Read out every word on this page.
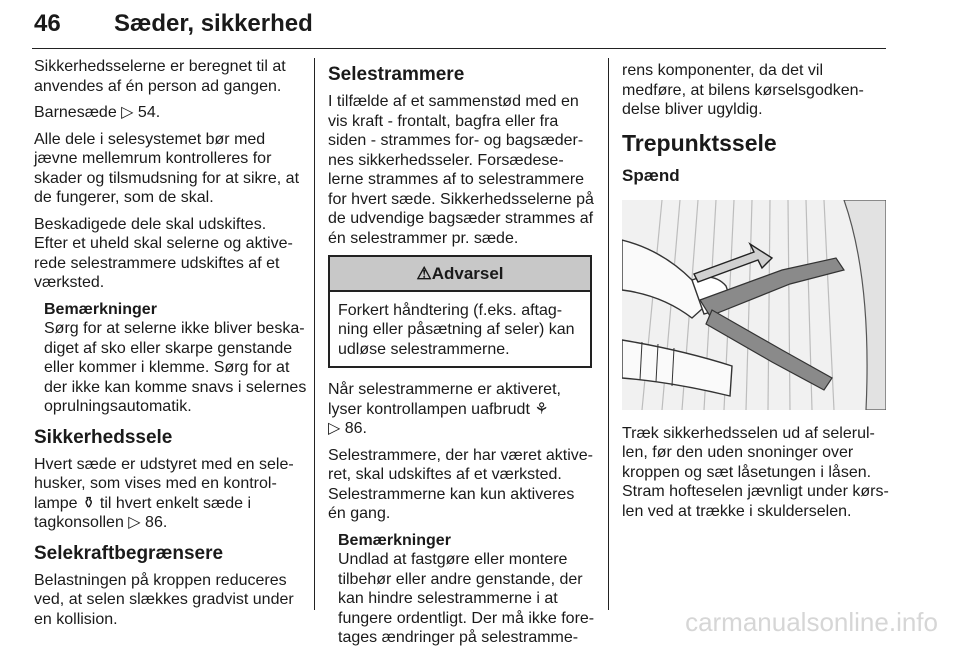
46 Sæder, sikkerhed

Sikkerhedsselerne er beregnet til at
anvendes af én person ad gangen.

Barnesæde ▷ 54.

Alle dele i selesystemet bør med
jævne mellemrum kontrolleres for
skader og tilsmudsning for at sikre, at
de fungerer, som de skal.

Beskadigede dele skal udskiftes.
Efter et uheld skal selerne og aktive-
rede selestrammere udskiftes af et
værksted.

Bemærkninger
Sørg for at selerne ikke bliver beska-
diget af sko eller skarpe genstande
eller kommer i klemme. Sørg for at
der ikke kan komme snavs i selernes
oprulningsautomatik.
Sikkerhedssele

Hvert sæde er udstyret med en sele-
husker, som vises med en kontrol-
lampe ⚱ til hvert enkelt sæde i
tagkonsollen ▷ 86.

Selekraftbegrænsere

Belastningen på kroppen reduceres
ved, at selen slækkes gradvist under
en kollision.

Selestrammere

I tilfælde af et sammenstød med en
vis kraft - frontalt, bagfra eller fra
siden - strammes for- og bagsæder-
nes sikkerhedsseler. Forsædese-
lerne strammes af to selestrammere
for hvert sæde. Sikkerhedsselerne på
de udvendige bagsæder strammes af
én selestrammer pr. sæde.

⚠Advarsel
Forkert håndtering (f.eks. aftag-
ning eller påsætning af seler) kan
udløse selestrammerne.

Når selestrammerne er aktiveret,
lyser kontrollampen uafbrudt ⚘
▷ 86.

Selestrammere, der har været aktive-
ret, skal udskiftes af et værksted.
Selestrammerne kan kun aktiveres
én gang.

Bemærkninger
Undlad at fastgøre eller montere
tilbehør eller andre genstande, der
kan hindre selestrammerne i at
fungere ordentligt. Der må ikke fore-
tages ændringer på selestramme-

rens komponenter, da det vil
medføre, at bilens kørselsgodken-
delse bliver ugyldig.

Trepunktssele
Spænd

Træk sikkerhedsselen ud af selerul-
len, før den uden snoninger over
kroppen og sæt låsetungen i låsen.
Stram hofteselen jævnligt under kørs-
len ved at trække i skulderselen.

carmanualsonline.info
